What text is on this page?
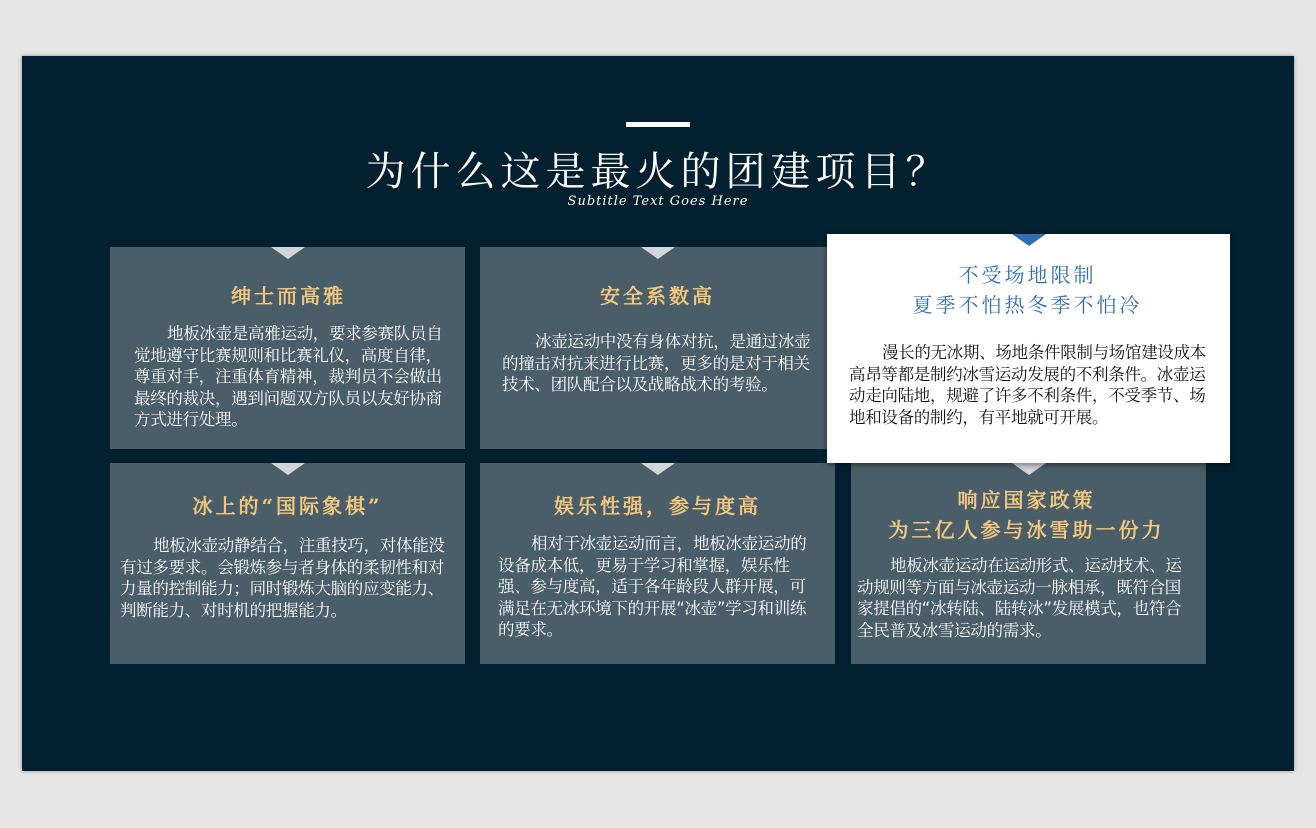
为什么这是最火的团建项目？
Subtitle Text Goes Here
绅士而高雅

地板冰壶是高雅运动，要求参赛队员自觉地遵守比赛规则和比赛礼仪，高度自律，尊重对手，注重体育精神，裁判员不会做出最终的裁决，遇到问题双方队员以友好协商方式进行处理。

安全系数高

冰壶运动中没有身体对抗，是通过冰壶的撞击对抗来进行比赛，更多的是对于相关技术、团队配合以及战略战术的考验。

冰上的“国际象棋”

地板冰壶动静结合，注重技巧，对体能没有过多要求。会锻炼参与者身体的柔韧性和对力量的控制能力；同时锻炼大脑的应变能力、判断能力、对时机的把握能力。

娱乐性强，参与度高

相对于冰壶运动而言，地板冰壶运动的设备成本低，更易于学习和掌握，娱乐性强、参与度高，适于各年龄段人群开展，可满足在无冰环境下的开展“冰壶”学习和训练的要求。

响应国家政策
为三亿人参与冰雪助一份力

地板冰壶运动在运动形式、运动技术、运动规则等方面与冰壶运动一脉相承，既符合国家提倡的“冰转陆、陆转冰”发展模式，也符合全民普及冰雪运动的需求。

不受场地限制
夏季不怕热冬季不怕冷

漫长的无冰期、场地条件限制与场馆建设成本高昂等都是制约冰雪运动发展的不利条件。冰壶运动走向陆地，规避了许多不利条件，不受季节、场地和设备的制约，有平地就可开展。
